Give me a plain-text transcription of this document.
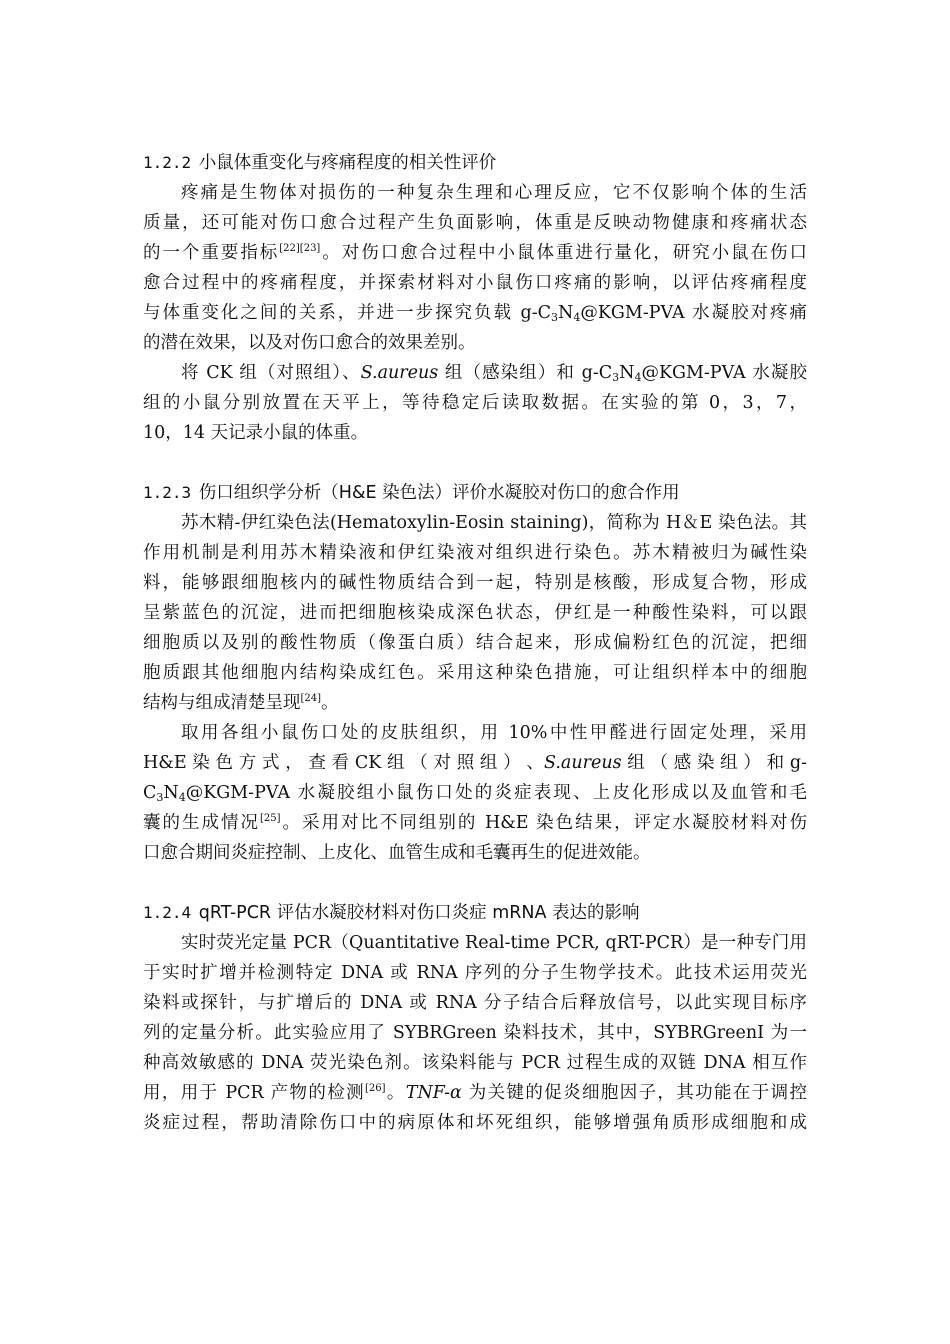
1.2.2 小鼠体重变化与疼痛程度的相关性评价
疼痛是生物体对损伤的一种复杂生理和心理反应，它不仅影响个体的生活
质量，还可能对伤口愈合过程产生负面影响，体重是反映动物健康和疼痛状态
的一个重要指标[22][23]。对伤口愈合过程中小鼠体重进行量化，研究小鼠在伤口
愈合过程中的疼痛程度，并探索材料对小鼠伤口疼痛的影响，以评估疼痛程度
与体重变化之间的关系，并进一步探究负载 $g-C_3N_4@KGM$-PVA 水凝胶对疼痛
的潜在效果，以及对伤口愈合的效果差别。
将 CK 组（对照组）、S.aureus 组（感染组）和 $g-C_3N_4@KGM$-PVA 水凝胶
组的小鼠分别放置在天平上，等待稳定后读取数据。在实验的第 0，3，7，
10，14 天记录小鼠的体重。
1.2.3 伤口组织学分析（H&E 染色法）评价水凝胶对伤口的愈合作用
苏木精-伊红染色法(Hematoxylin-Eosin staining)，简称为 H＆E 染色法。其
作用机制是利用苏木精染液和伊红染液对组织进行染色。苏木精被归为碱性染
料，能够跟细胞核内的碱性物质结合到一起，特别是核酸，形成复合物，形成
呈紫蓝色的沉淀，进而把细胞核染成深色状态，伊红是一种酸性染料，可以跟
细胞质以及别的酸性物质（像蛋白质）结合起来，形成偏粉红色的沉淀，把细
胞质跟其他细胞内结构染成红色。采用这种染色措施，可让组织样本中的细胞
结构与组成清楚呈现[24]。
取用各组小鼠伤口处的皮肤组织，用 10%中性甲醛进行固定处理，采用
H&E 染 色 方 式 ， 查 看 CK 组 （ 对 照 组 ） 、S.aureus 组 （ 感 染 组 ） 和 g-
$C_3N_4@KGM$-PVA 水凝胶组小鼠伤口处的炎症表现、上皮化形成以及血管和毛
囊的生成情况[25]。采用对比不同组别的 H&E 染色结果，评定水凝胶材料对伤
口愈合期间炎症控制、上皮化、血管生成和毛囊再生的促进效能。
1.2.4 qRT-PCR 评估水凝胶材料对伤口炎症 mRNA 表达的影响
实时荧光定量 PCR（Quantitative Real-time PCR, qRT-PCR）是一种专门用
于实时扩增并检测特定 DNA 或 RNA 序列的分子生物学技术。此技术运用荧光
染料或探针，与扩增后的 DNA 或 RNA 分子结合后释放信号，以此实现目标序
列的定量分析。此实验应用了 SYBRGreen 染料技术，其中，SYBRGreenI 为一
种高效敏感的 DNA 荧光染色剂。该染料能与 PCR 过程生成的双链 DNA 相互作
用，用于 PCR 产物的检测[26]。TNF-α 为关键的促炎细胞因子，其功能在于调控
炎症过程，帮助清除伤口中的病原体和坏死组织，能够增强角质形成细胞和成
